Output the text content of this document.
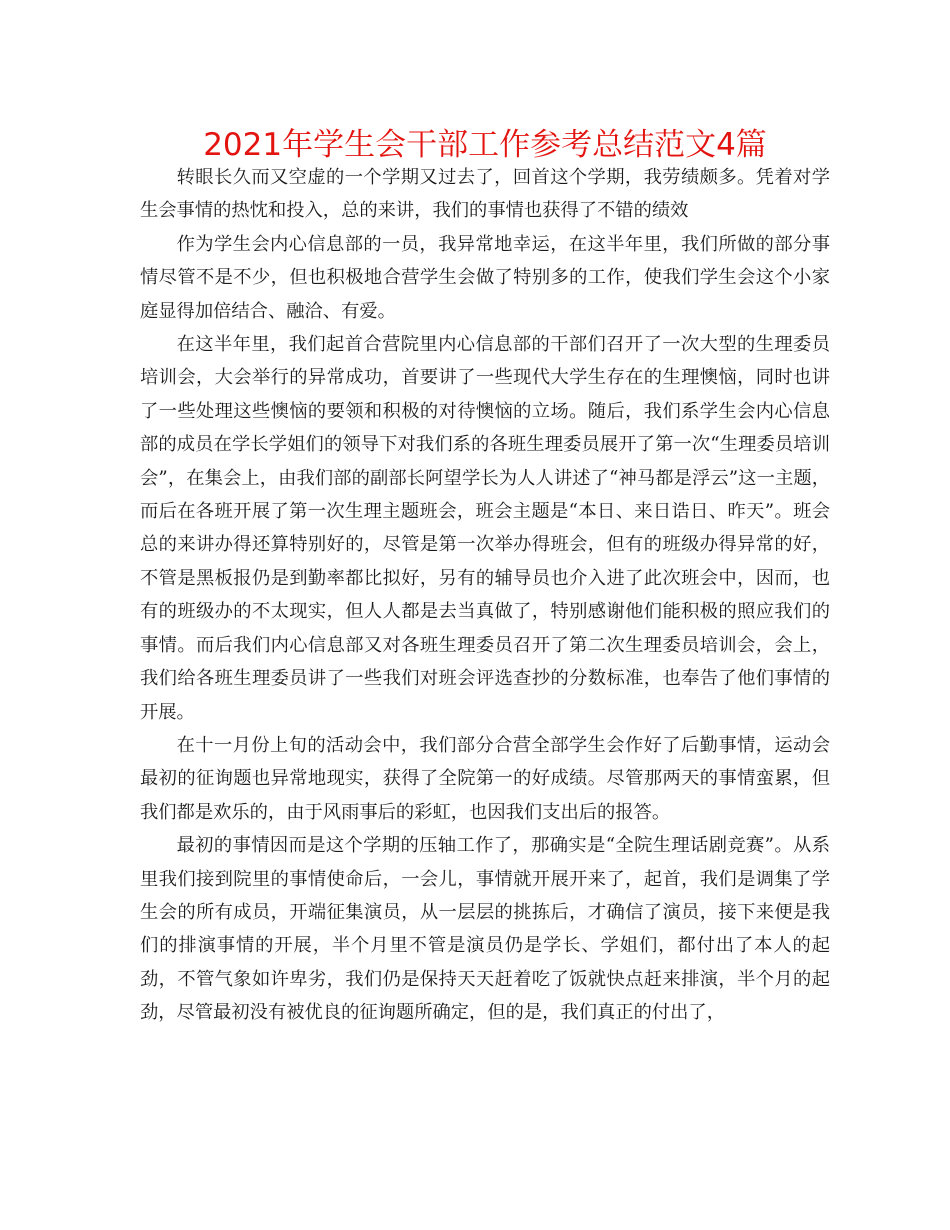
2021年学生会干部工作参考总结范文4篇

转眼长久而又空虚的一个学期又过去了，回首这个学期，我劳绩颇多。凭着对学生会事情的热忱和投入，总的来讲，我们的事情也获得了不错的绩效

作为学生会内心信息部的一员，我异常地幸运，在这半年里，我们所做的部分事情尽管不是不少，但也积极地合营学生会做了特别多的工作，使我们学生会这个小家庭显得加倍结合、融洽、有爱。

在这半年里，我们起首合营院里内心信息部的干部们召开了一次大型的生理委员培训会，大会举行的异常成功，首要讲了一些现代大学生存在的生理懊恼，同时也讲了一些处理这些懊恼的要领和积极的对待懊恼的立场。随后，我们系学生会内心信息部的成员在学长学姐们的领导下对我们系的各班生理委员展开了第一次“生理委员培训会”，在集会上，由我们部的副部长阿望学长为人人讲述了“神马都是浮云”这一主题，而后在各班开展了第一次生理主题班会，班会主题是“本日、来日诰日、昨天”。班会总的来讲办得还算特别好的，尽管是第一次举办得班会，但有的班级办得异常的好，不管是黑板报仍是到勤率都比拟好，另有的辅导员也介入进了此次班会中，因而，也有的班级办的不太现实，但人人都是去当真做了，特别感谢他们能积极的照应我们的事情。而后我们内心信息部又对各班生理委员召开了第二次生理委员培训会，会上，我们给各班生理委员讲了一些我们对班会评选查抄的分数标准，也奉告了他们事情的开展。

在十一月份上旬的活动会中，我们部分合营全部学生会作好了后勤事情，运动会最初的征询题也异常地现实，获得了全院第一的好成绩。尽管那两天的事情蛮累，但我们都是欢乐的，由于风雨事后的彩虹，也因我们支出后的报答。

最初的事情因而是这个学期的压轴工作了，那确实是“全院生理话剧竞赛”。从系里我们接到院里的事情使命后，一会儿，事情就开展开来了，起首，我们是调集了学生会的所有成员，开端征集演员，从一层层的挑拣后，才确信了演员，接下来便是我们的排演事情的开展，半个月里不管是演员仍是学长、学姐们，都付出了本人的起劲，不管气象如许卑劣，我们仍是保持天天赶着吃了饭就快点赶来排演，半个月的起劲，尽管最初没有被优良的征询题所确定，但的是，我们真正的付出了，
